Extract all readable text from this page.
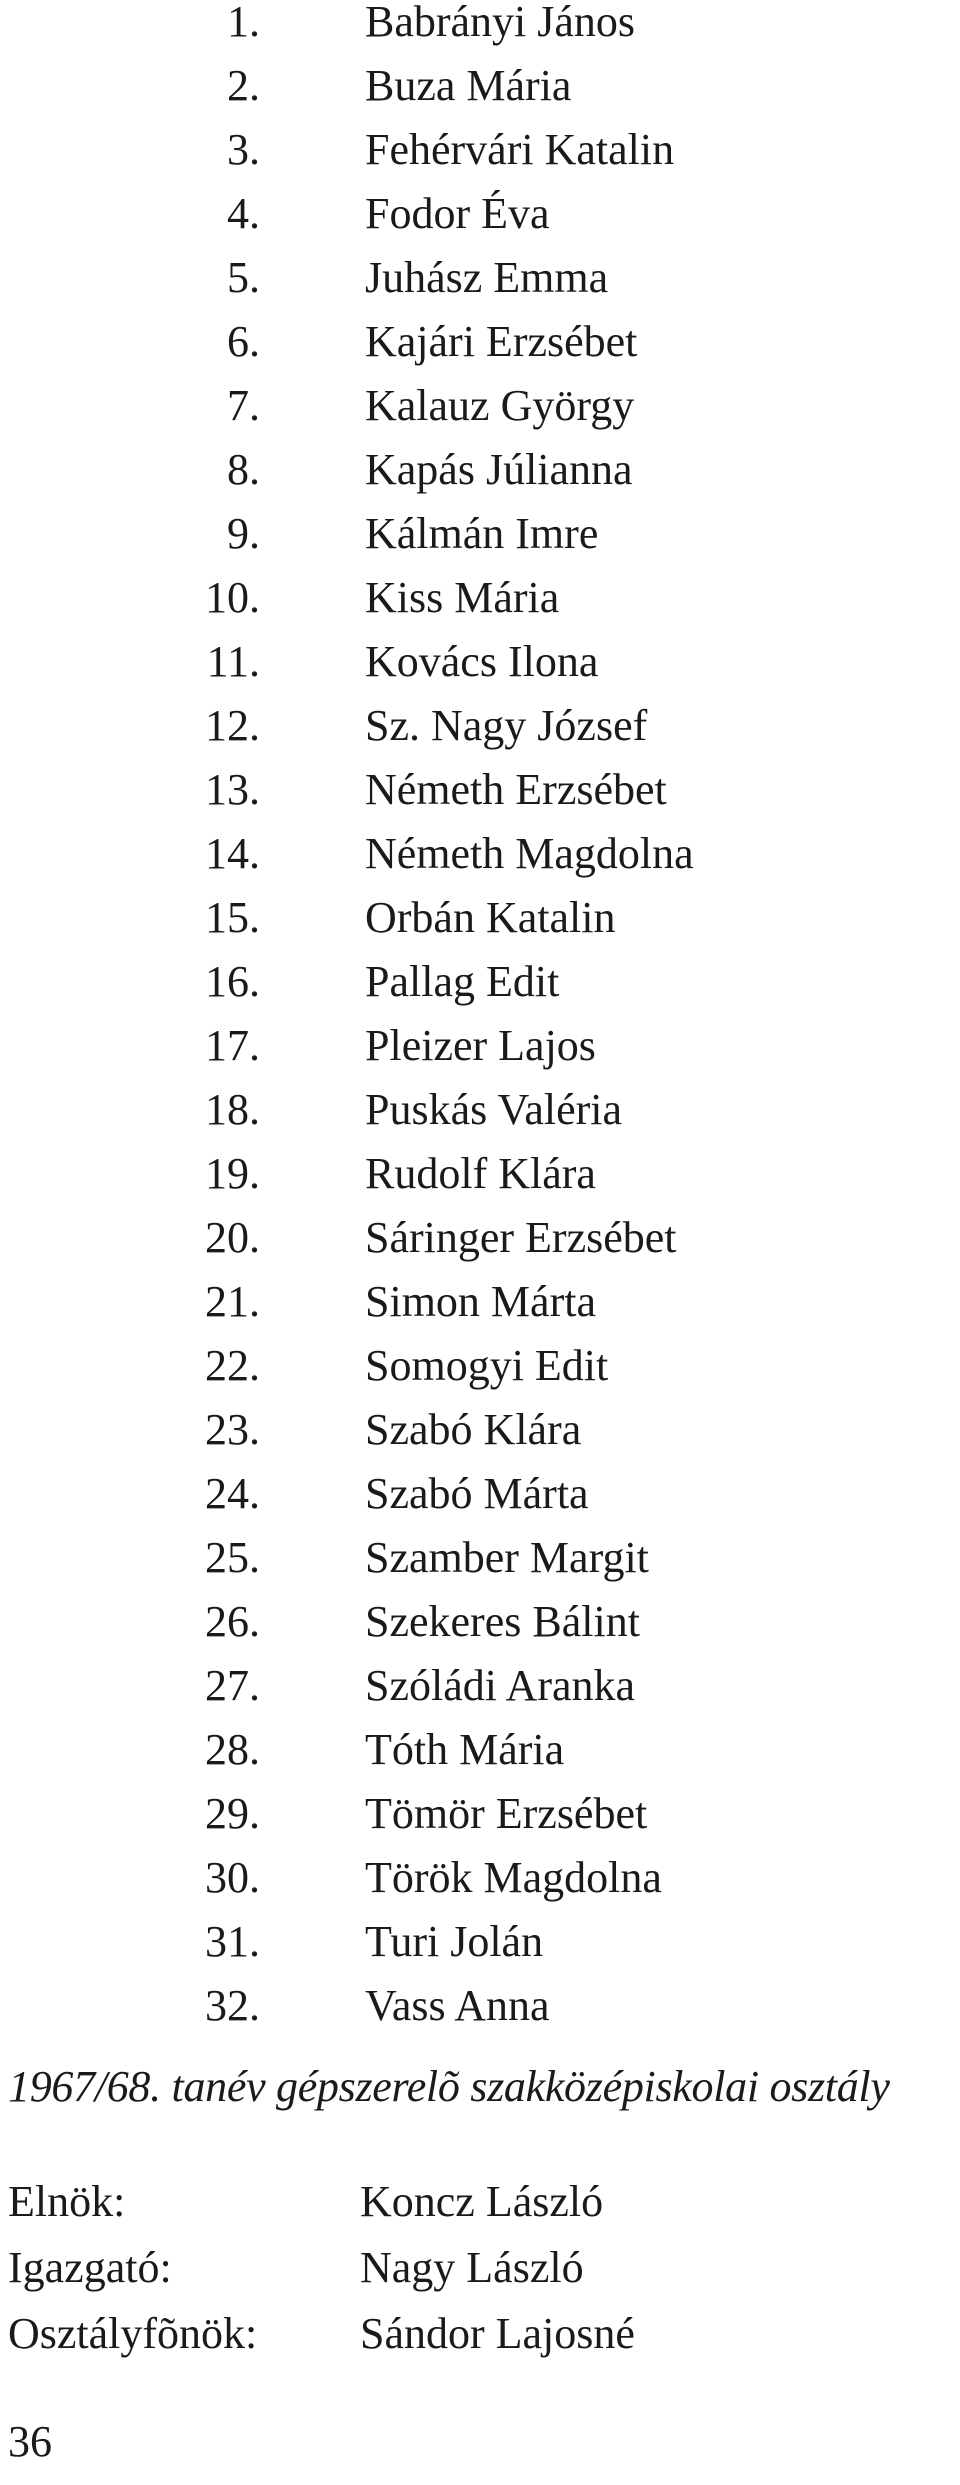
1. Babrányi János
2. Buza Mária
3. Fehérvári Katalin
4. Fodor Éva
5. Juhász Emma
6. Kajári Erzsébet
7. Kalauz György
8. Kapás Júlianna
9. Kálmán Imre
10. Kiss Mária
11. Kovács Ilona
12. Sz. Nagy József
13. Németh Erzsébet
14. Németh Magdolna
15. Orbán Katalin
16. Pallag Edit
17. Pleizer Lajos
18. Puskás Valéria
19. Rudolf Klára
20. Sáringer Erzsébet
21. Simon Márta
22. Somogyi Edit
23. Szabó Klára
24. Szabó Márta
25. Szamber Margit
26. Szekeres Bálint
27. Szóládi Aranka
28. Tóth Mária
29. Tömör Erzsébet
30. Török Magdolna
31. Turi Jolán
32. Vass Anna
1967/68. tanév gépszerelõ szakközépiskolai osztály
Elnök:	Koncz László
Igazgató:	Nagy László
Osztályfõnök: Sándor Lajosné
36
